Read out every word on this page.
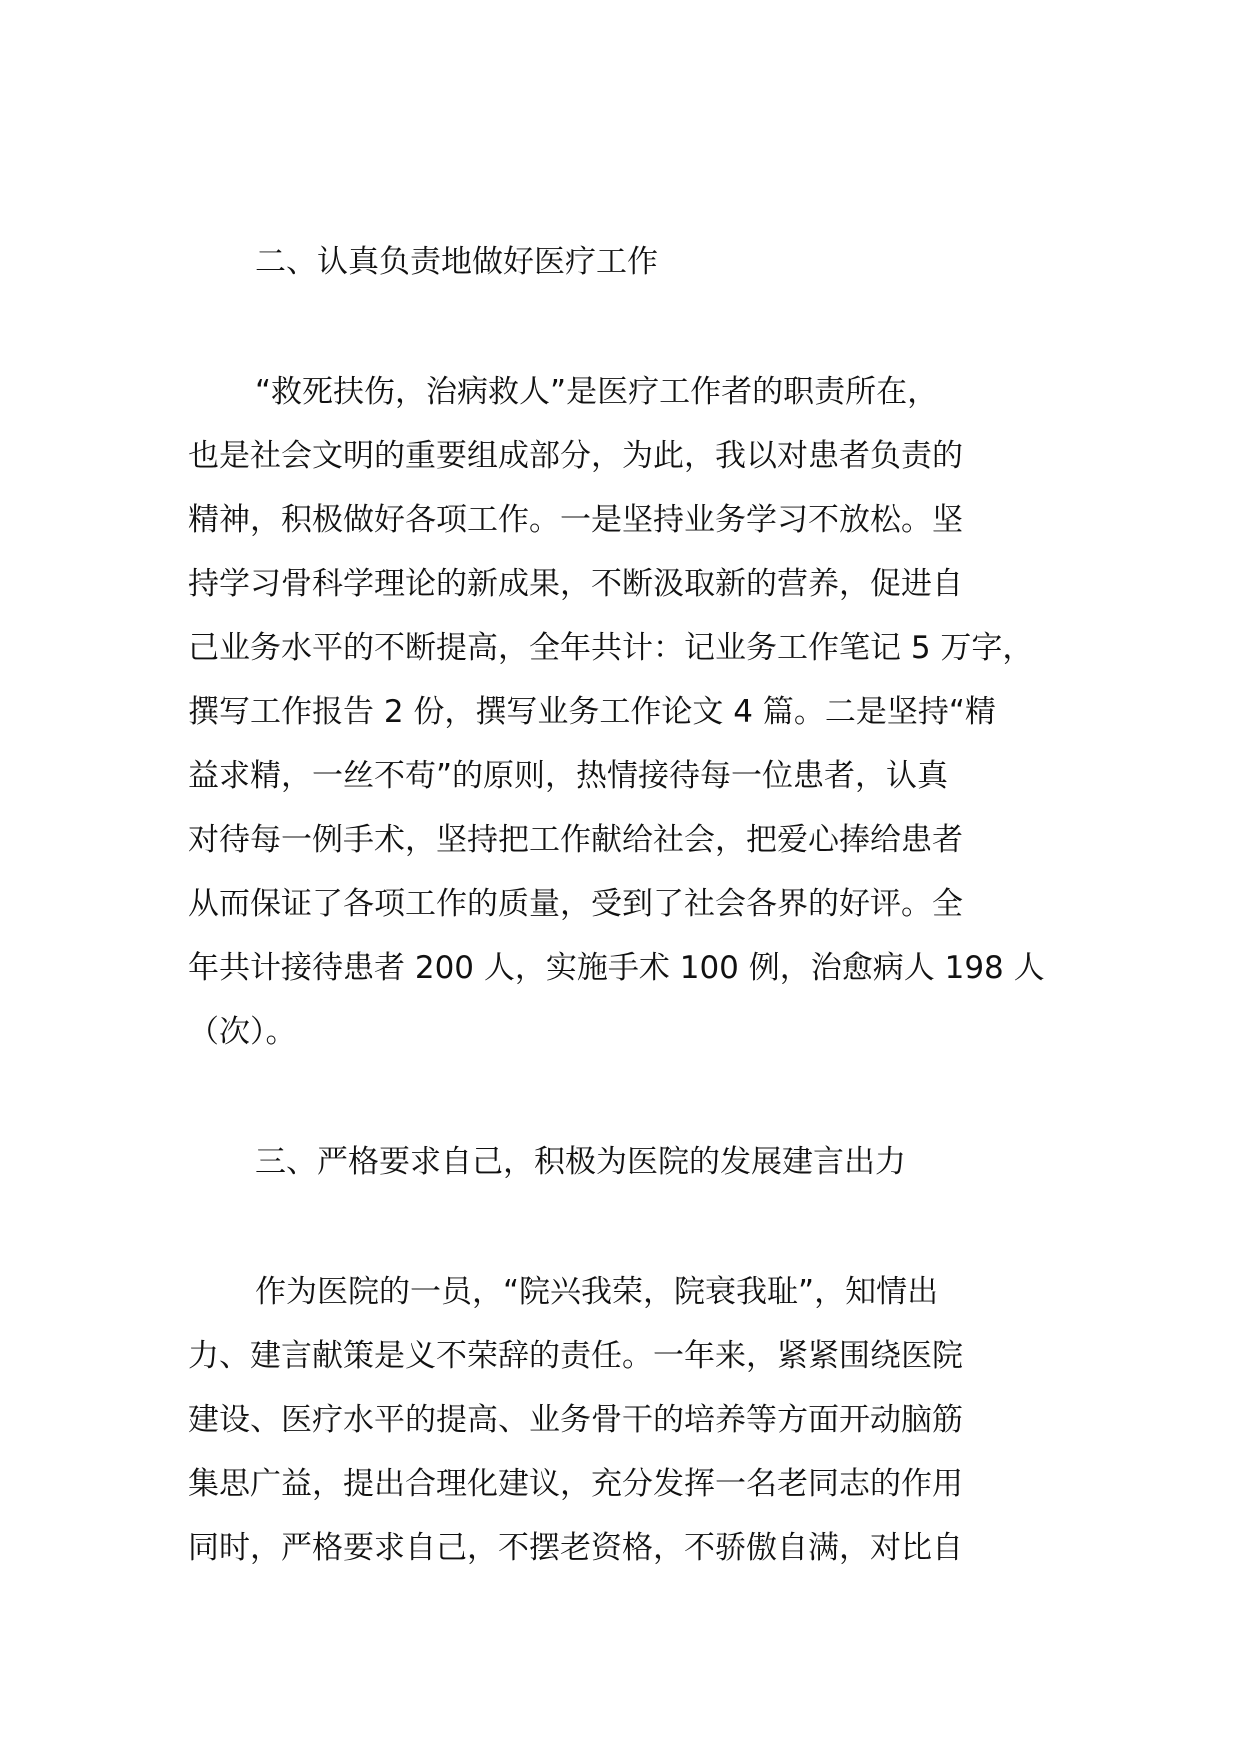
二、认真负责地做好医疗工作
“救死扶伤，治病救人”是医疗工作者的职责所在，
也是社会文明的重要组成部分，为此，我以对患者负责的
精神，积极做好各项工作。一是坚持业务学习不放松。坚
持学习骨科学理论的新成果，不断汲取新的营养，促进自
己业务水平的不断提高，全年共计：记业务工作笔记 5 万字，
撰写工作报告 2 份，撰写业务工作论文 4 篇。二是坚持“精
益求精，一丝不苟”的原则，热情接待每一位患者，认真
对待每一例手术，坚持把工作献给社会，把爱心捧给患者
从而保证了各项工作的质量，受到了社会各界的好评。全
年共计接待患者 200 人，实施手术 100 例，治愈病人 198 人
（次）。
三、严格要求自己，积极为医院的发展建言出力
作为医院的一员，“院兴我荣，院衰我耻”，知情出
力、建言献策是义不荣辞的责任。一年来，紧紧围绕医院
建设、医疗水平的提高、业务骨干的培养等方面开动脑筋
集思广益，提出合理化建议，充分发挥一名老同志的作用
同时，严格要求自己，不摆老资格，不骄傲自满，对比自
